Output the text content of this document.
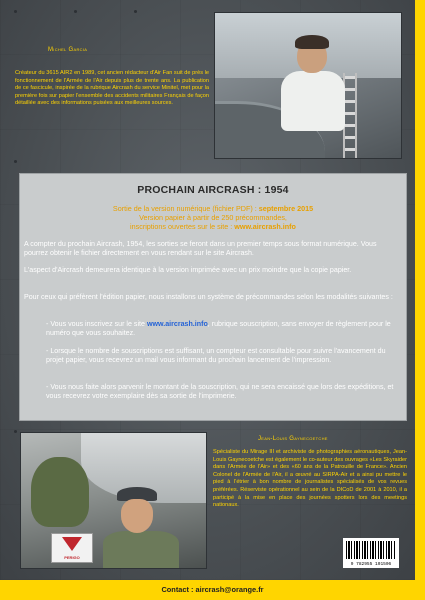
Michel Garcia
Créateur du 3615 AIR2 en 1989, cet ancien rédacteur d'Air Fan suit de près le fonctionnement de l'Armée de l'Air depuis plus de trente ans. La publication de ce fascicule, inspirée de la rubrique Aircrash du service Minitel, met pour la première fois sur papier l'ensemble des accidents militaires Français de façon détaillée avec des informations puisées aux meilleures sources.
PROCHAIN AIRCRASH : 1954
Sortie de la version numérique (fichier PDF) : septembre 2015
Version papier à partir de 250 précommandes,
inscriptions ouvertes sur le site : www.aircrash.info
A compter du prochain Aircrash, 1954, les sorties se feront dans un premier temps sous format numérique. Vous pourrez obtenir le fichier directement en vous rendant sur le site Aircrash.
L'aspect d'Aircrash demeurera identique à la version imprimée avec un prix moindre que la copie papier.
Pour ceux qui préfèrent l'édition papier, nous installons un système de précommandes selon les modalités suivantes :
- Vous vous inscrivez sur le site www.aircrash.info, rubrique souscription, sans envoyer de règlement pour le numéro que vous souhaitez.
- Lorsque le nombre de souscriptions est suffisant, un compteur est consultable pour suivre l'avancement du projet papier, vous recevrez un mail vous informant du prochain lancement de l'impression.
- Vous nous faite alors parvenir le montant de la souscription, qui ne sera encaissé que lors des expéditions, et vous recevrez votre exemplaire dès sa sortie de l'imprimerie.
PERIGO
Jean-Louis Gaynecoetche
Spécialiste du Mirage III et archiviste de photographies aéronautiques, Jean-Louis Gaynecoetche est également le co-auteur des ouvrages «Les Skyraider dans l'Armée de l'Air» et des «60 ans de la Patrouille de France». Ancien Colonel de l'Armée de l'Air, il a œuvré au SIRPA-Air et a ainsi pu mettre le pied à l'étrier à bon nombre de journalistes spécialisés de vos revues préférées. Réserviste opérationnel au sein de la DICoD de 2001 à 2010, il a participé à la mise en place des journées spotters lors des meetings nationaux.
9 782955 101506
Contact : aircrash@orange.fr
